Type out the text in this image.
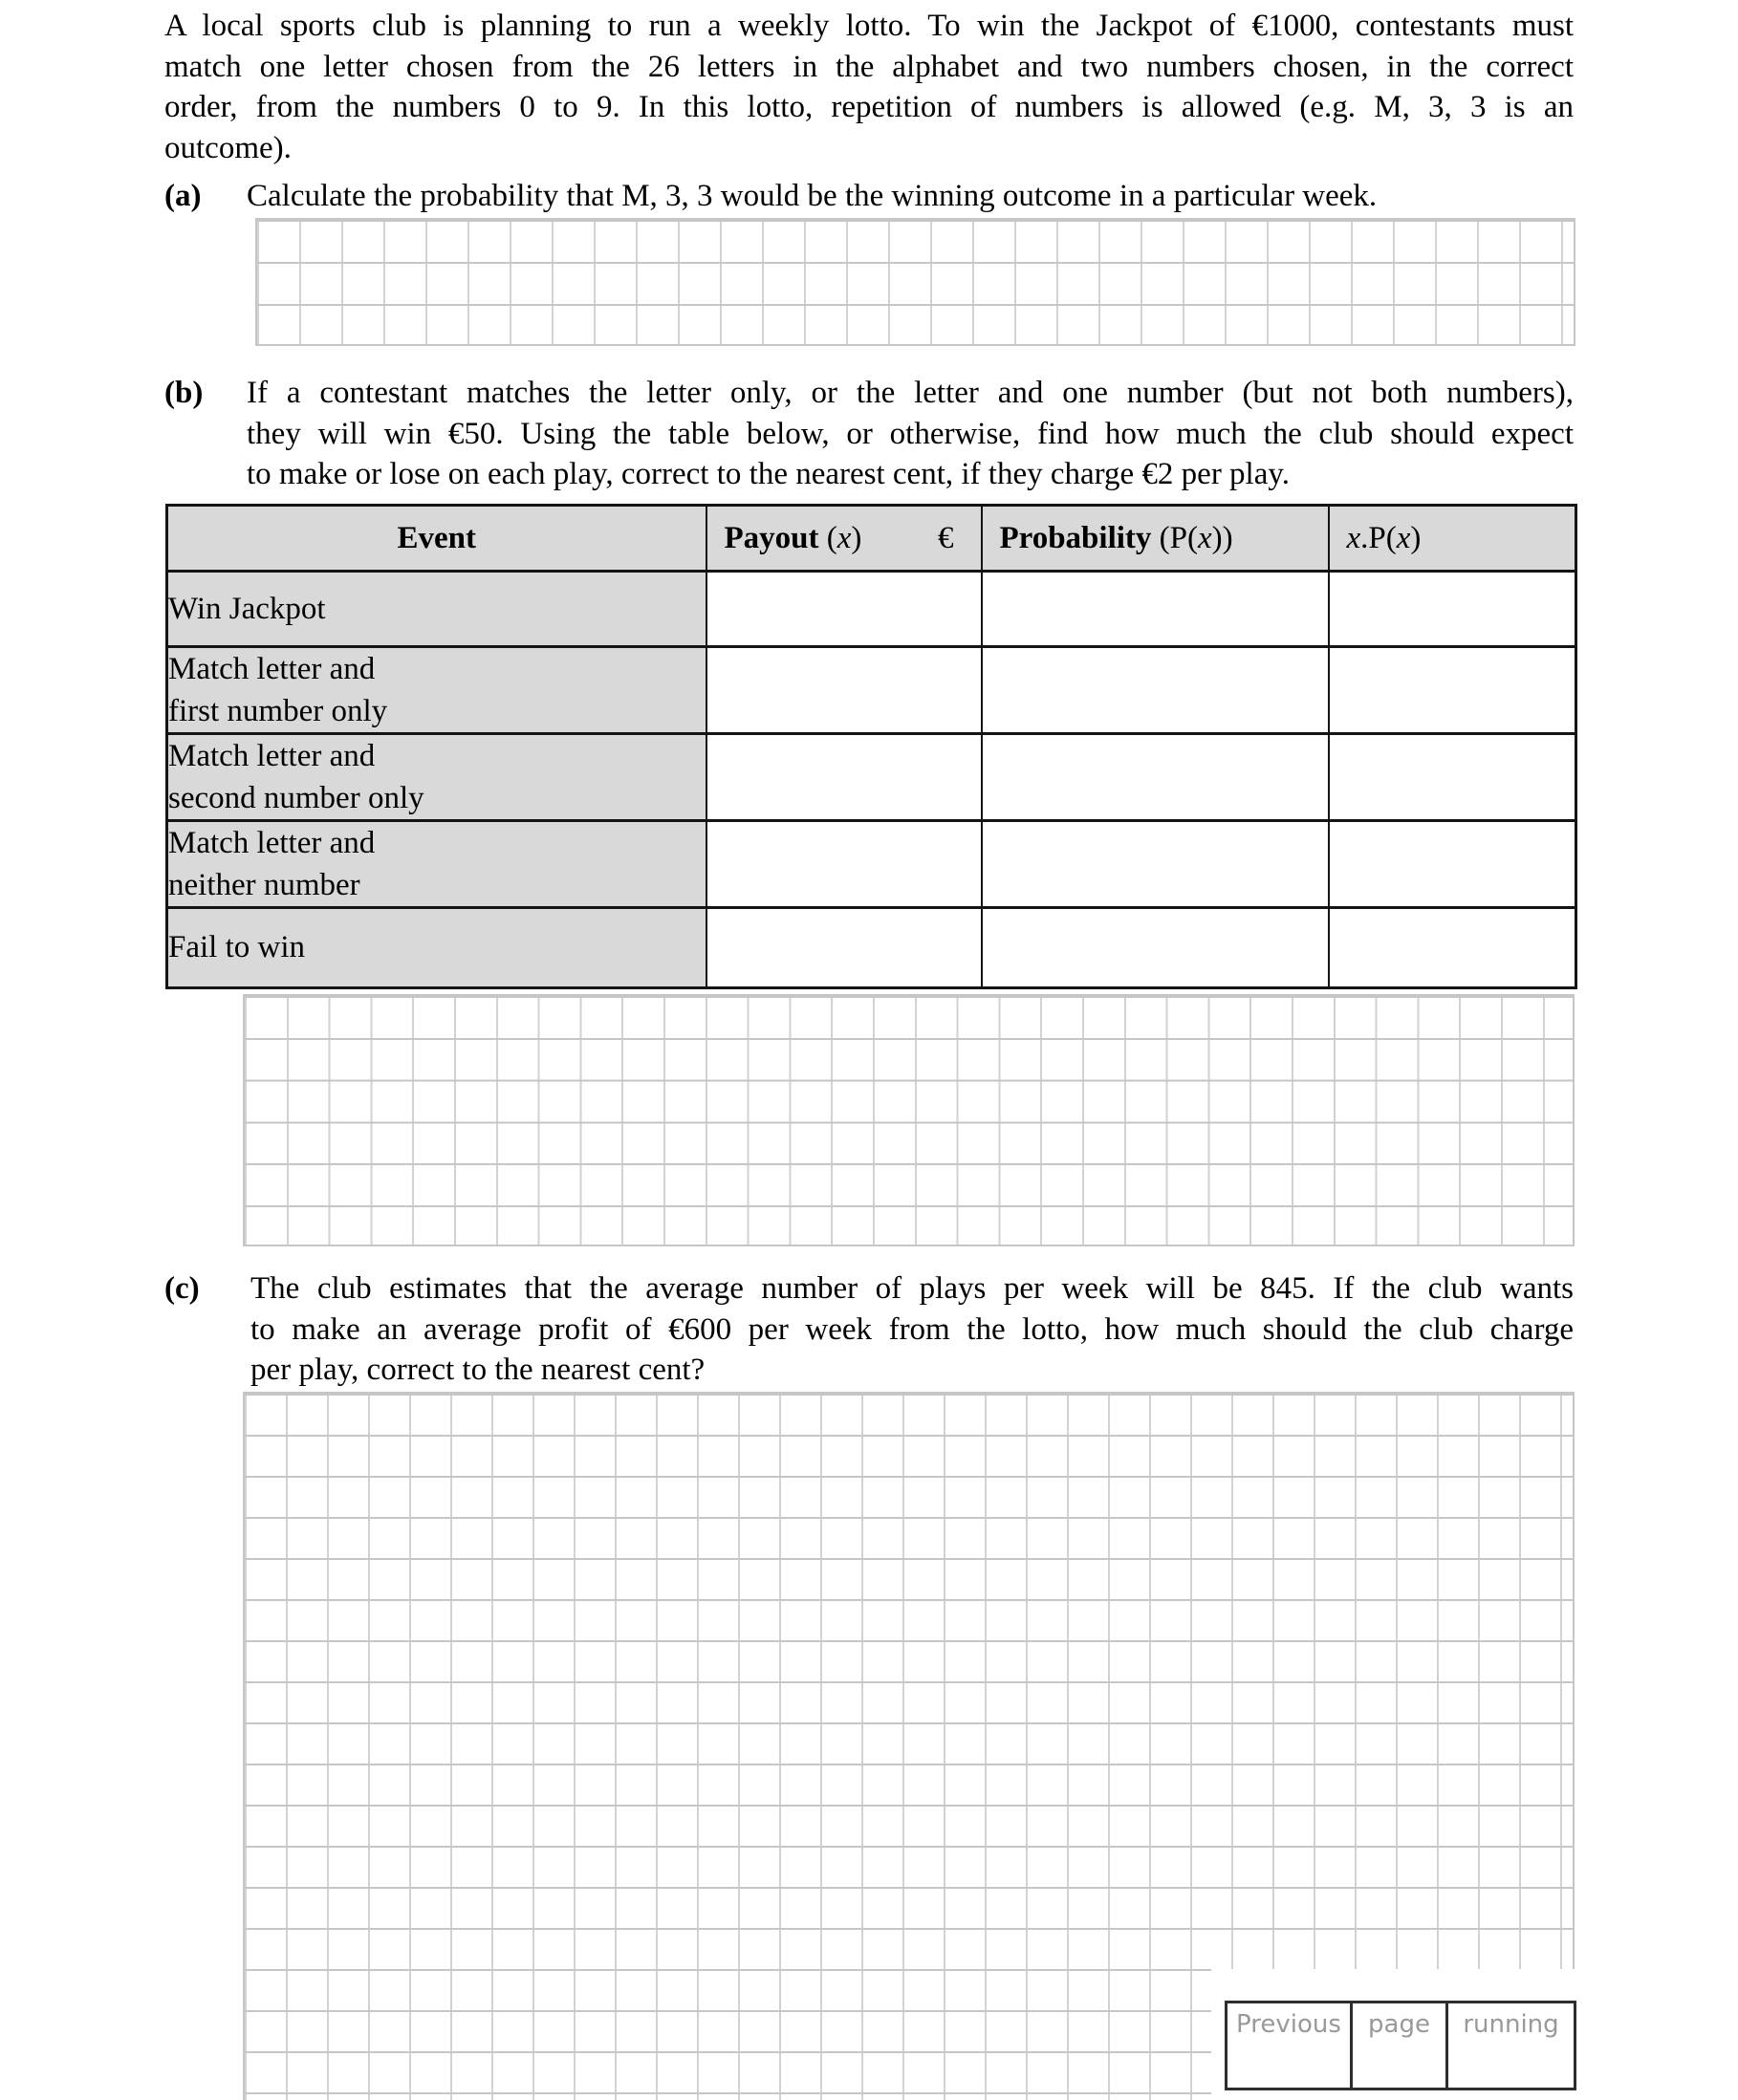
A local sports club is planning to run a weekly lotto. To win the Jackpot of €1000, contestants must
match one letter chosen from the 26 letters in the alphabet and two numbers chosen, in the correct
order, from the numbers 0 to 9. In this lotto, repetition of numbers is allowed (e.g. M, 3, 3 is an
outcome).
(a) Calculate the probability that M, 3, 3 would be the winning outcome in a particular week.
(b) If a contestant matches the letter only, or the letter and one number (but not both numbers),
they will win €50. Using the table below, or otherwise, find how much the club should expect
to make or lose on each play, correct to the nearest cent, if they charge €2 per play.
Event	Payout (x) €	Probability (P(x))	x.P(x)

Win Jackpot			

Match letter and
first number only			

Match letter and
second number only			

Match letter and
neither number			

Fail to win			

(c) The club estimates that the average number of plays per week will be 845. If the club wants
to make an average profit of €600 per week from the lotto, how much should the club charge
per play, correct to the nearest cent?
Previous page running
